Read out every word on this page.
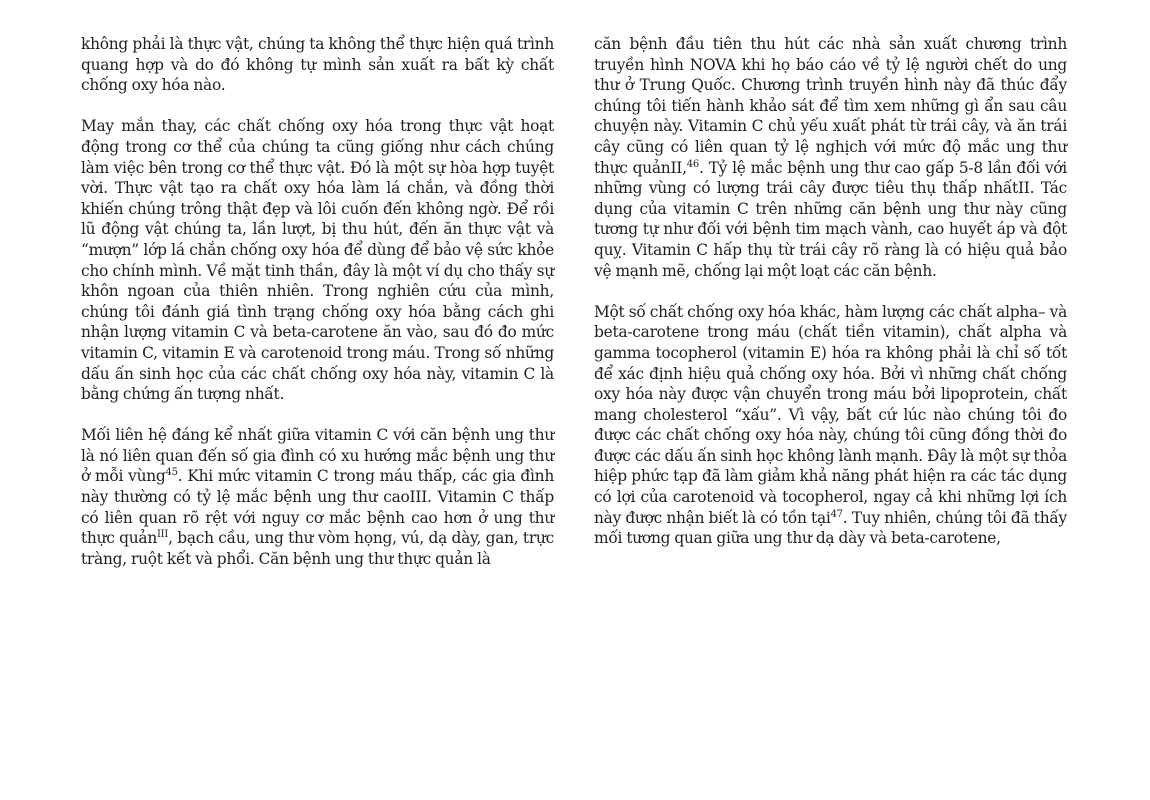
không phải là thực vật, chúng ta không thể thực hiện quá trình quang hợp và do đó không tự mình sản xuất ra bất kỳ chất chống oxy hóa nào.

May mắn thay, các chất chống oxy hóa trong thực vật hoạt động trong cơ thể của chúng ta cũng giống như cách chúng làm việc bên trong cơ thể thực vật. Đó là một sự hòa hợp tuyệt vời. Thực vật tạo ra chất oxy hóa làm lá chắn, và đồng thời khiến chúng trông thật đẹp và lôi cuốn đến không ngờ. Để rồi lũ động vật chúng ta, lần lượt, bị thu hút, đến ăn thực vật và “mượn” lớp lá chắn chống oxy hóa để dùng để bảo vệ sức khỏe cho chính mình. Về mặt tinh thần, đây là một ví dụ cho thấy sự khôn ngoan của thiên nhiên. Trong nghiên cứu của mình, chúng tôi đánh giá tình trạng chống oxy hóa bằng cách ghi nhận lượng vitamin C và beta-carotene ăn vào, sau đó đo mức vitamin C, vitamin E và carotenoid trong máu. Trong số những dấu ấn sinh học của các chất chống oxy hóa này, vitamin C là bằng chứng ấn tượng nhất.

Mối liên hệ đáng kể nhất giữa vitamin C với căn bệnh ung thư là nó liên quan đến số gia đình có xu hướng mắc bệnh ung thư ở mỗi vùng$^{45}$. Khi mức vitamin C trong máu thấp, các gia đình này thường có tỷ lệ mắc bệnh ung thư caoIII. Vitamin C thấp có liên quan rõ rệt với nguy cơ mắc bệnh cao hơn ở ung thư thực quản$^{III}$, bạch cầu, ung thư vòm họng, vú, dạ dày, gan, trực tràng, ruột kết và phổi. Căn bệnh ung thư thực quản là

căn bệnh đầu tiên thu hút các nhà sản xuất chương trình truyền hình NOVA khi họ báo cáo về tỷ lệ người chết do ung thư ở Trung Quốc. Chương trình truyền hình này đã thúc đẩy chúng tôi tiến hành khảo sát để tìm xem những gì ẩn sau câu chuyện này. Vitamin C chủ yếu xuất phát từ trái cây, và ăn trái cây cũng có liên quan tỷ lệ nghịch với mức độ mắc ung thư thực quảnII,$^{46}$. Tỷ lệ mắc bệnh ung thư cao gấp 5-8 lần đối với những vùng có lượng trái cây được tiêu thụ thấp nhấtII. Tác dụng của vitamin C trên những căn bệnh ung thư này cũng tương tự như đối với bệnh tim mạch vành, cao huyết áp và đột quỵ. Vitamin C hấp thụ từ trái cây rõ ràng là có hiệu quả bảo vệ mạnh mẽ, chống lại một loạt các căn bệnh.

Một số chất chống oxy hóa khác, hàm lượng các chất alpha– và beta-carotene trong máu (chất tiền vitamin), chất alpha và gamma tocopherol (vitamin E) hóa ra không phải là chỉ số tốt để xác định hiệu quả chống oxy hóa. Bởi vì những chất chống oxy hóa này được vận chuyển trong máu bởi lipoprotein, chất mang cholesterol “xấu”. Vì vậy, bất cứ lúc nào chúng tôi đo được các chất chống oxy hóa này, chúng tôi cũng đồng thời đo được các dấu ấn sinh học không lành mạnh. Đây là một sự thỏa hiệp phức tạp đã làm giảm khả năng phát hiện ra các tác dụng có lợi của carotenoid và tocopherol, ngay cả khi những lợi ích này được nhận biết là có tồn tại$^{47}$. Tuy nhiên, chúng tôi đã thấy mối tương quan giữa ung thư dạ dày và beta-carotene,
